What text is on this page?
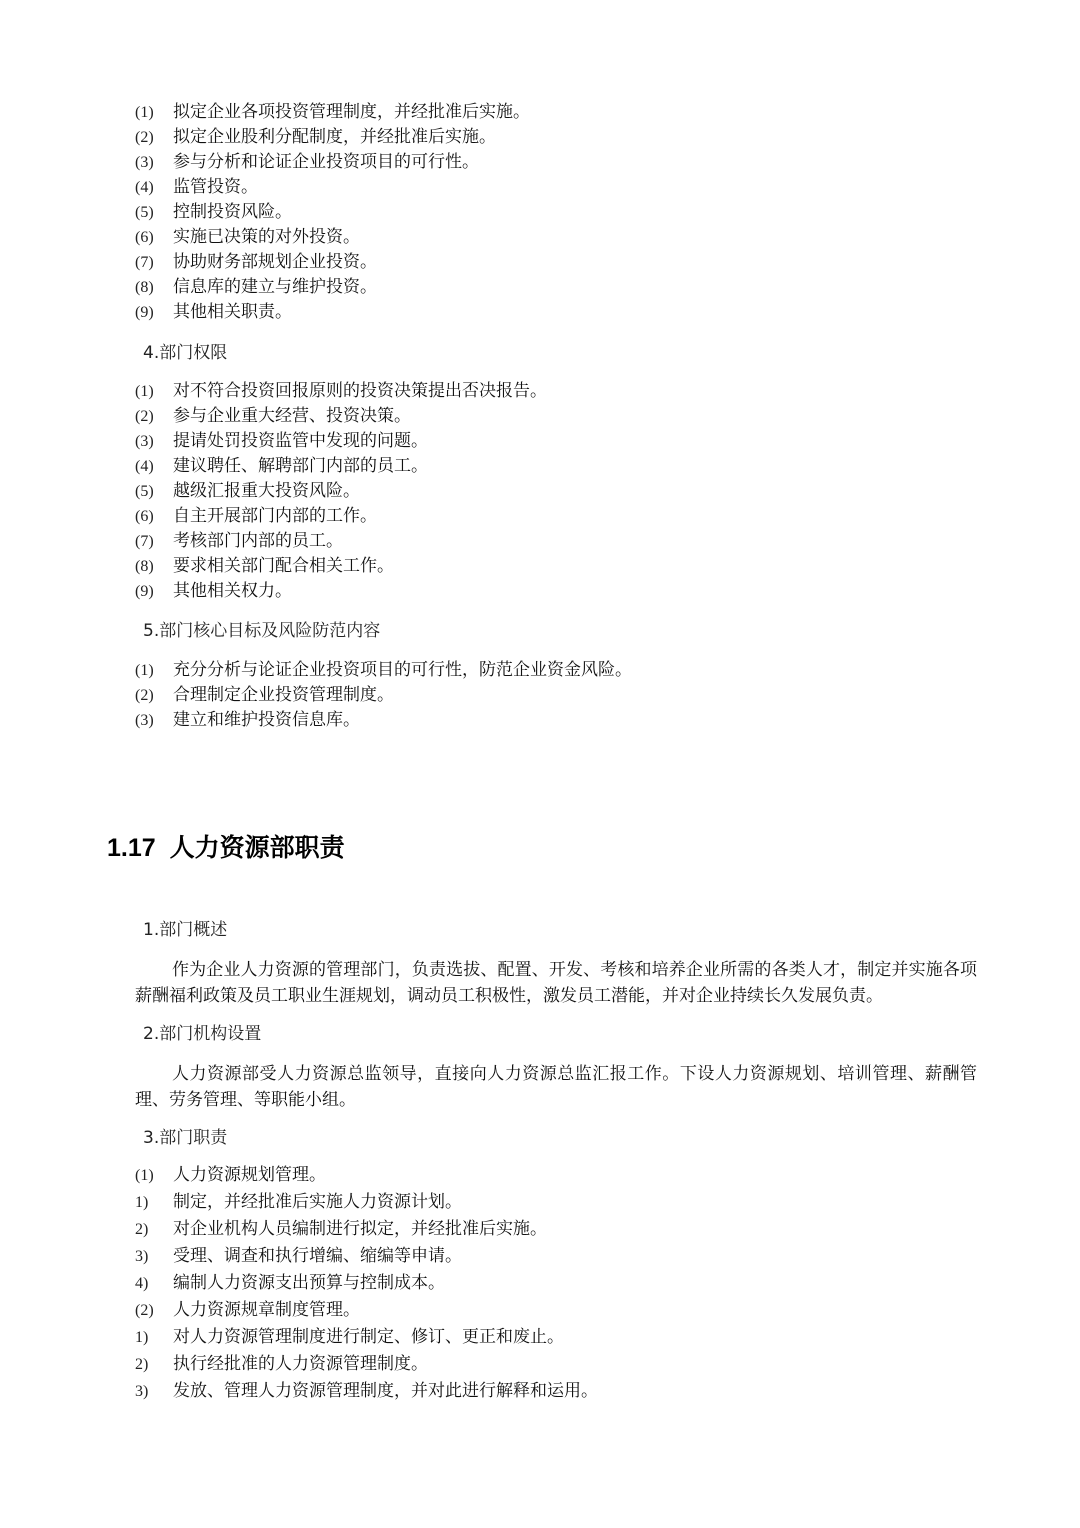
(1)	拟定企业各项投资管理制度，并经批准后实施。
(2)	拟定企业股利分配制度，并经批准后实施。
(3)	参与分析和论证企业投资项目的可行性。
(4)	监管投资。
(5)	控制投资风险。
(6)	实施已决策的对外投资。
(7)	协助财务部规划企业投资。
(8)	信息库的建立与维护投资。
(9)	其他相关职责。
4.部门权限
(1)	对不符合投资回报原则的投资决策提出否决报告。
(2)	参与企业重大经营、投资决策。
(3)	提请处罚投资监管中发现的问题。
(4)	建议聘任、解聘部门内部的员工。
(5)	越级汇报重大投资风险。
(6)	自主开展部门内部的工作。
(7)	考核部门内部的员工。
(8)	要求相关部门配合相关工作。
(9)	其他相关权力。
5.部门核心目标及风险防范内容
(1)	充分分析与论证企业投资项目的可行性，防范企业资金风险。
(2)	合理制定企业投资管理制度。
(3)	建立和维护投资信息库。
1.17 人力资源部职责
1.部门概述

作为企业人力资源的管理部门，负责选拔、配置、开发、考核和培养企业所需的各类人才，制定并实施各项薪酬福利政策及员工职业生涯规划，调动员工积极性，激发员工潜能，并对企业持续长久发展负责。

2.部门机构设置

人力资源部受人力资源总监领导，直接向人力资源总监汇报工作。下设人力资源规划、培训管理、薪酬管理、劳务管理、等职能小组。

3.部门职责
(1)	人力资源规划管理。
1)	制定，并经批准后实施人力资源计划。
2)	对企业机构人员编制进行拟定，并经批准后实施。
3)	受理、调查和执行增编、缩编等申请。
4)	编制人力资源支出预算与控制成本。
(2)	人力资源规章制度管理。
1)	对人力资源管理制度进行制定、修订、更正和废止。
2)	执行经批准的人力资源管理制度。
3)	发放、管理人力资源管理制度，并对此进行解释和运用。
